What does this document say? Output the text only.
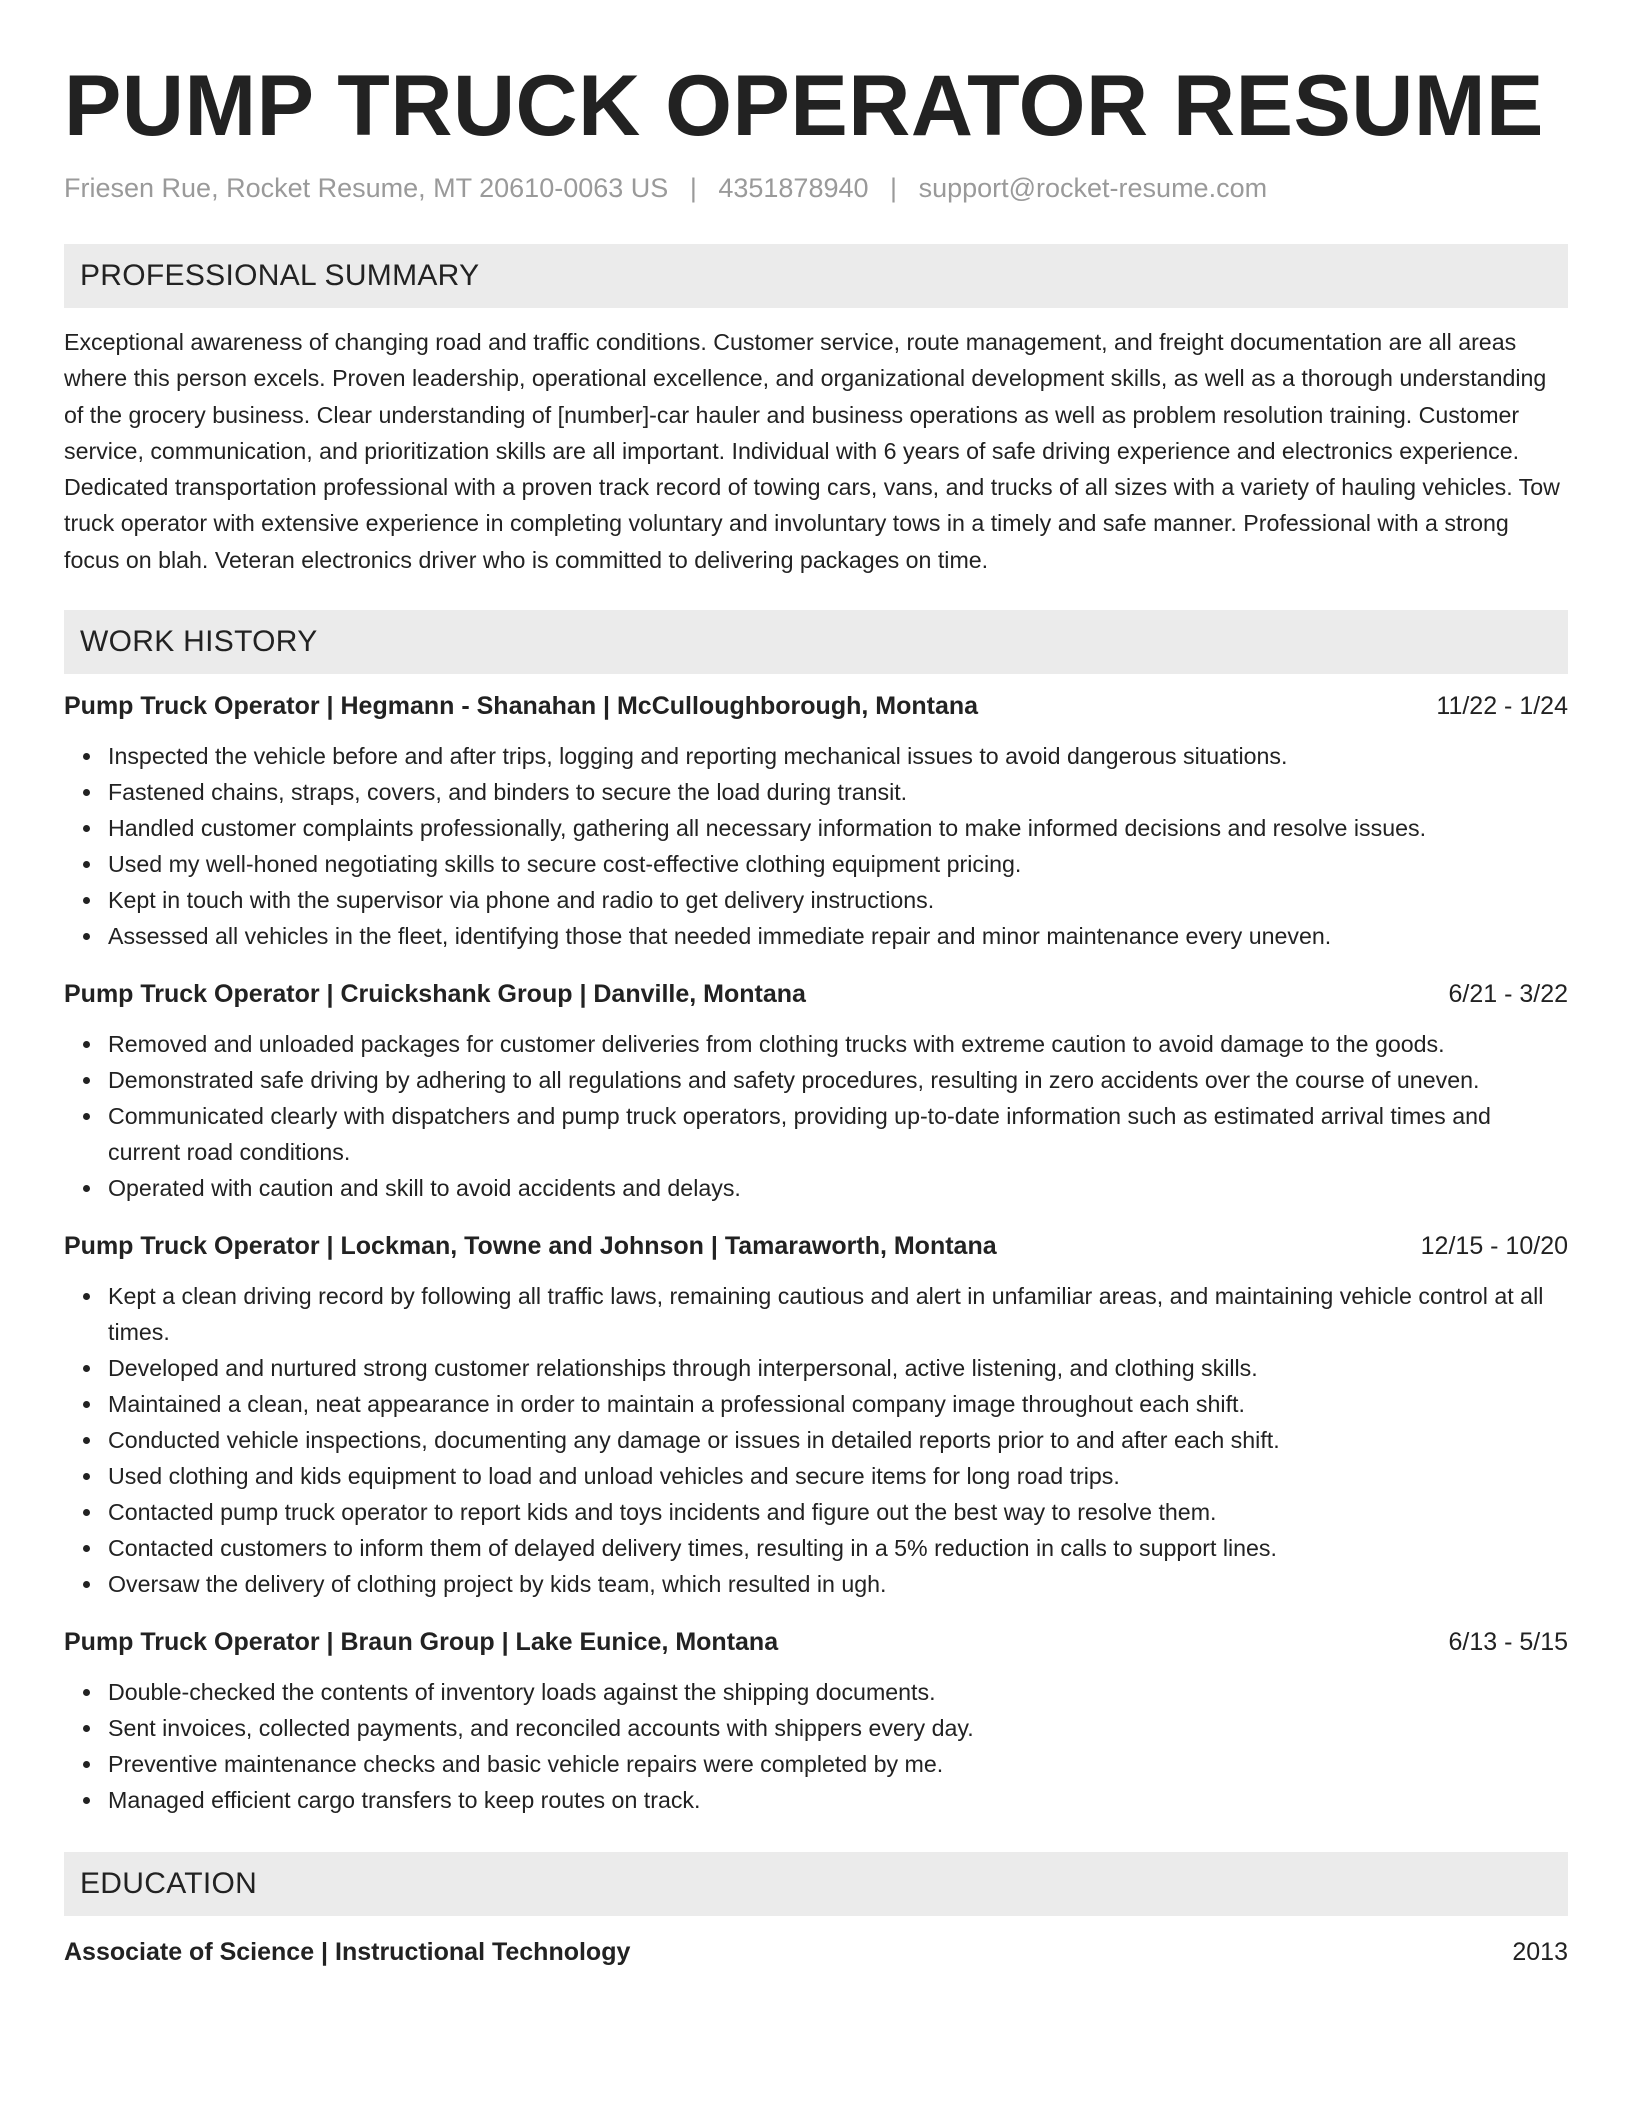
PUMP TRUCK OPERATOR RESUME
Friesen Rue, Rocket Resume, MT 20610-0063 US | 4351878940 | support@rocket-resume.com
PROFESSIONAL SUMMARY
Exceptional awareness of changing road and traffic conditions. Customer service, route management, and freight documentation are all areas where this person excels. Proven leadership, operational excellence, and organizational development skills, as well as a thorough understanding of the grocery business. Clear understanding of [number]-car hauler and business operations as well as problem resolution training. Customer service, communication, and prioritization skills are all important. Individual with 6 years of safe driving experience and electronics experience. Dedicated transportation professional with a proven track record of towing cars, vans, and trucks of all sizes with a variety of hauling vehicles. Tow truck operator with extensive experience in completing voluntary and involuntary tows in a timely and safe manner. Professional with a strong focus on blah. Veteran electronics driver who is committed to delivering packages on time.
WORK HISTORY
Pump Truck Operator | Hegmann - Shanahan | McCulloughborough, Montana	11/22 - 1/24
Inspected the vehicle before and after trips, logging and reporting mechanical issues to avoid dangerous situations.
Fastened chains, straps, covers, and binders to secure the load during transit.
Handled customer complaints professionally, gathering all necessary information to make informed decisions and resolve issues.
Used my well-honed negotiating skills to secure cost-effective clothing equipment pricing.
Kept in touch with the supervisor via phone and radio to get delivery instructions.
Assessed all vehicles in the fleet, identifying those that needed immediate repair and minor maintenance every uneven.
Pump Truck Operator | Cruickshank Group | Danville, Montana	6/21 - 3/22
Removed and unloaded packages for customer deliveries from clothing trucks with extreme caution to avoid damage to the goods.
Demonstrated safe driving by adhering to all regulations and safety procedures, resulting in zero accidents over the course of uneven.
Communicated clearly with dispatchers and pump truck operators, providing up-to-date information such as estimated arrival times and current road conditions.
Operated with caution and skill to avoid accidents and delays.
Pump Truck Operator | Lockman, Towne and Johnson | Tamaraworth, Montana	12/15 - 10/20
Kept a clean driving record by following all traffic laws, remaining cautious and alert in unfamiliar areas, and maintaining vehicle control at all times.
Developed and nurtured strong customer relationships through interpersonal, active listening, and clothing skills.
Maintained a clean, neat appearance in order to maintain a professional company image throughout each shift.
Conducted vehicle inspections, documenting any damage or issues in detailed reports prior to and after each shift.
Used clothing and kids equipment to load and unload vehicles and secure items for long road trips.
Contacted pump truck operator to report kids and toys incidents and figure out the best way to resolve them.
Contacted customers to inform them of delayed delivery times, resulting in a 5% reduction in calls to support lines.
Oversaw the delivery of clothing project by kids team, which resulted in ugh.
Pump Truck Operator | Braun Group | Lake Eunice, Montana	6/13 - 5/15
Double-checked the contents of inventory loads against the shipping documents.
Sent invoices, collected payments, and reconciled accounts with shippers every day.
Preventive maintenance checks and basic vehicle repairs were completed by me.
Managed efficient cargo transfers to keep routes on track.
EDUCATION
Associate of Science | Instructional Technology	2013
